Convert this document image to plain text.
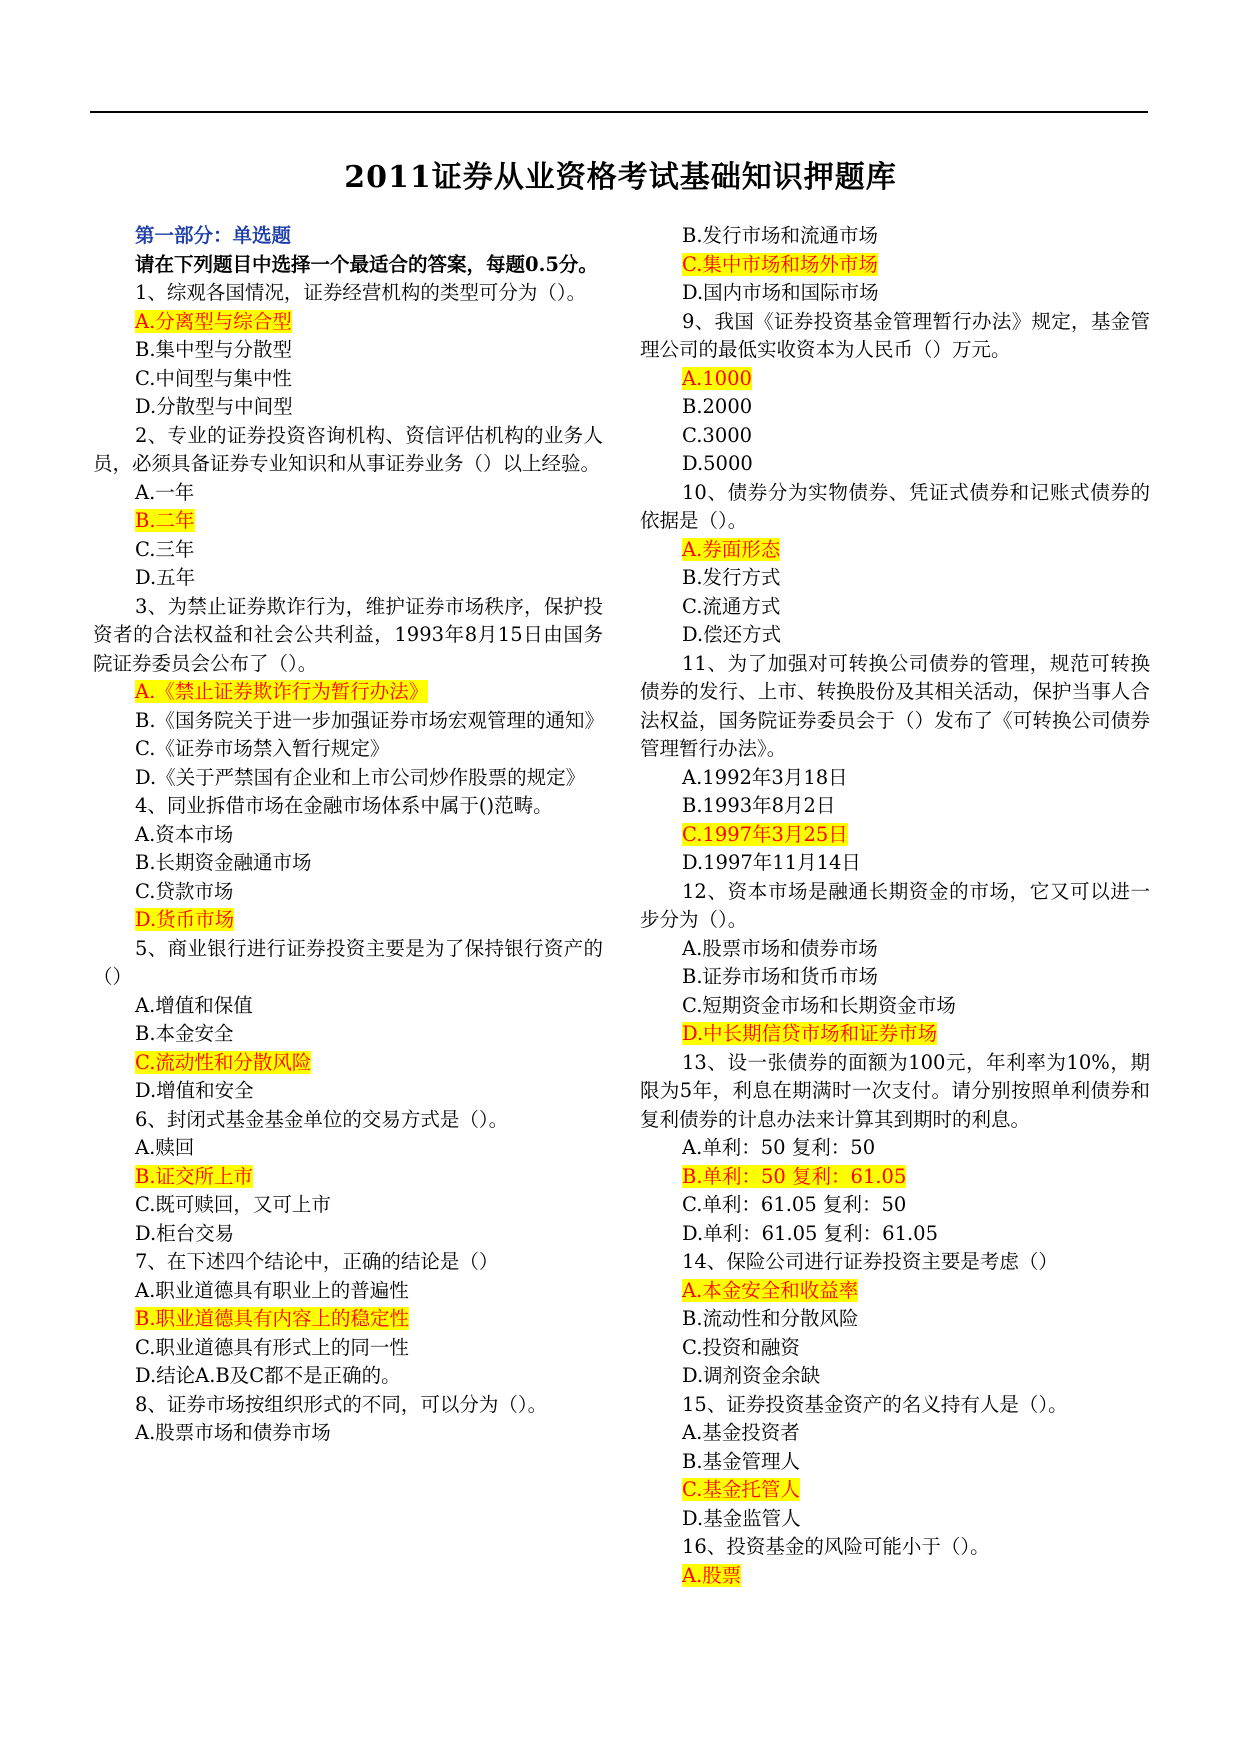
2011证券从业资格考试基础知识押题库
第一部分：单选题
请在下列题目中选择一个最适合的答案，每题0.5分。
1、综观各国情况，证券经营机构的类型可分为（）。
A.分离型与综合型
B.集中型与分散型
C.中间型与集中性
D.分散型与中间型
2、专业的证券投资咨询机构、资信评估机构的业务人员，必须具备证券专业知识和从事证券业务（）以上经验。
A.一年
B.二年
C.三年
D.五年
3、为禁止证券欺诈行为，维护证券市场秩序，保护投资者的合法权益和社会公共利益，1993年8月15日由国务院证券委员会公布了（）。
A.《禁止证券欺诈行为暂行办法》
B.《国务院关于进一步加强证券市场宏观管理的通知》
C.《证券市场禁入暂行规定》
D.《关于严禁国有企业和上市公司炒作股票的规定》
4、同业拆借市场在金融市场体系中属于()范畴。
A.资本市场
B.长期资金融通市场
C.贷款市场
D.货币市场
5、商业银行进行证券投资主要是为了保持银行资产的（）
A.增值和保值
B.本金安全
C.流动性和分散风险
D.增值和安全
6、封闭式基金基金单位的交易方式是（）。
A.赎回
B.证交所上市
C.既可赎回，又可上市
D.柜台交易
7、在下述四个结论中，正确的结论是（）
A.职业道德具有职业上的普遍性
B.职业道德具有内容上的稳定性
C.职业道德具有形式上的同一性
D.结论A.B及C都不是正确的。
8、证券市场按组织形式的不同，可以分为（）。
A.股票市场和债券市场
B.发行市场和流通市场
C.集中市场和场外市场
D.国内市场和国际市场
9、我国《证券投资基金管理暂行办法》规定，基金管理公司的最低实收资本为人民币（）万元。
A.1000
B.2000
C.3000
D.5000
10、债券分为实物债券、凭证式债券和记账式债券的依据是（）。
A.券面形态
B.发行方式
C.流通方式
D.偿还方式
11、为了加强对可转换公司债券的管理，规范可转换债券的发行、上市、转换股份及其相关活动，保护当事人合法权益，国务院证券委员会于（）发布了《可转换公司债券管理暂行办法》。
A.1992年3月18日
B.1993年8月2日
C.1997年3月25日
D.1997年11月14日
12、资本市场是融通长期资金的市场，它又可以进一步分为（）。
A.股票市场和债券市场
B.证券市场和货币市场
C.短期资金市场和长期资金市场
D.中长期信贷市场和证券市场
13、设一张债券的面额为100元，年利率为10%，期限为5年，利息在期满时一次支付。请分别按照单利债券和复利债券的计息办法来计算其到期时的利息。
A.单利：50 复利：50
B.单利：50 复利：61.05
C.单利：61.05 复利：50
D.单利：61.05 复利：61.05
14、保险公司进行证券投资主要是考虑（）
A.本金安全和收益率
B.流动性和分散风险
C.投资和融资
D.调剂资金余缺
15、证券投资基金资产的名义持有人是（）。
A.基金投资者
B.基金管理人
C.基金托管人
D.基金监管人
16、投资基金的风险可能小于（）。
A.股票
